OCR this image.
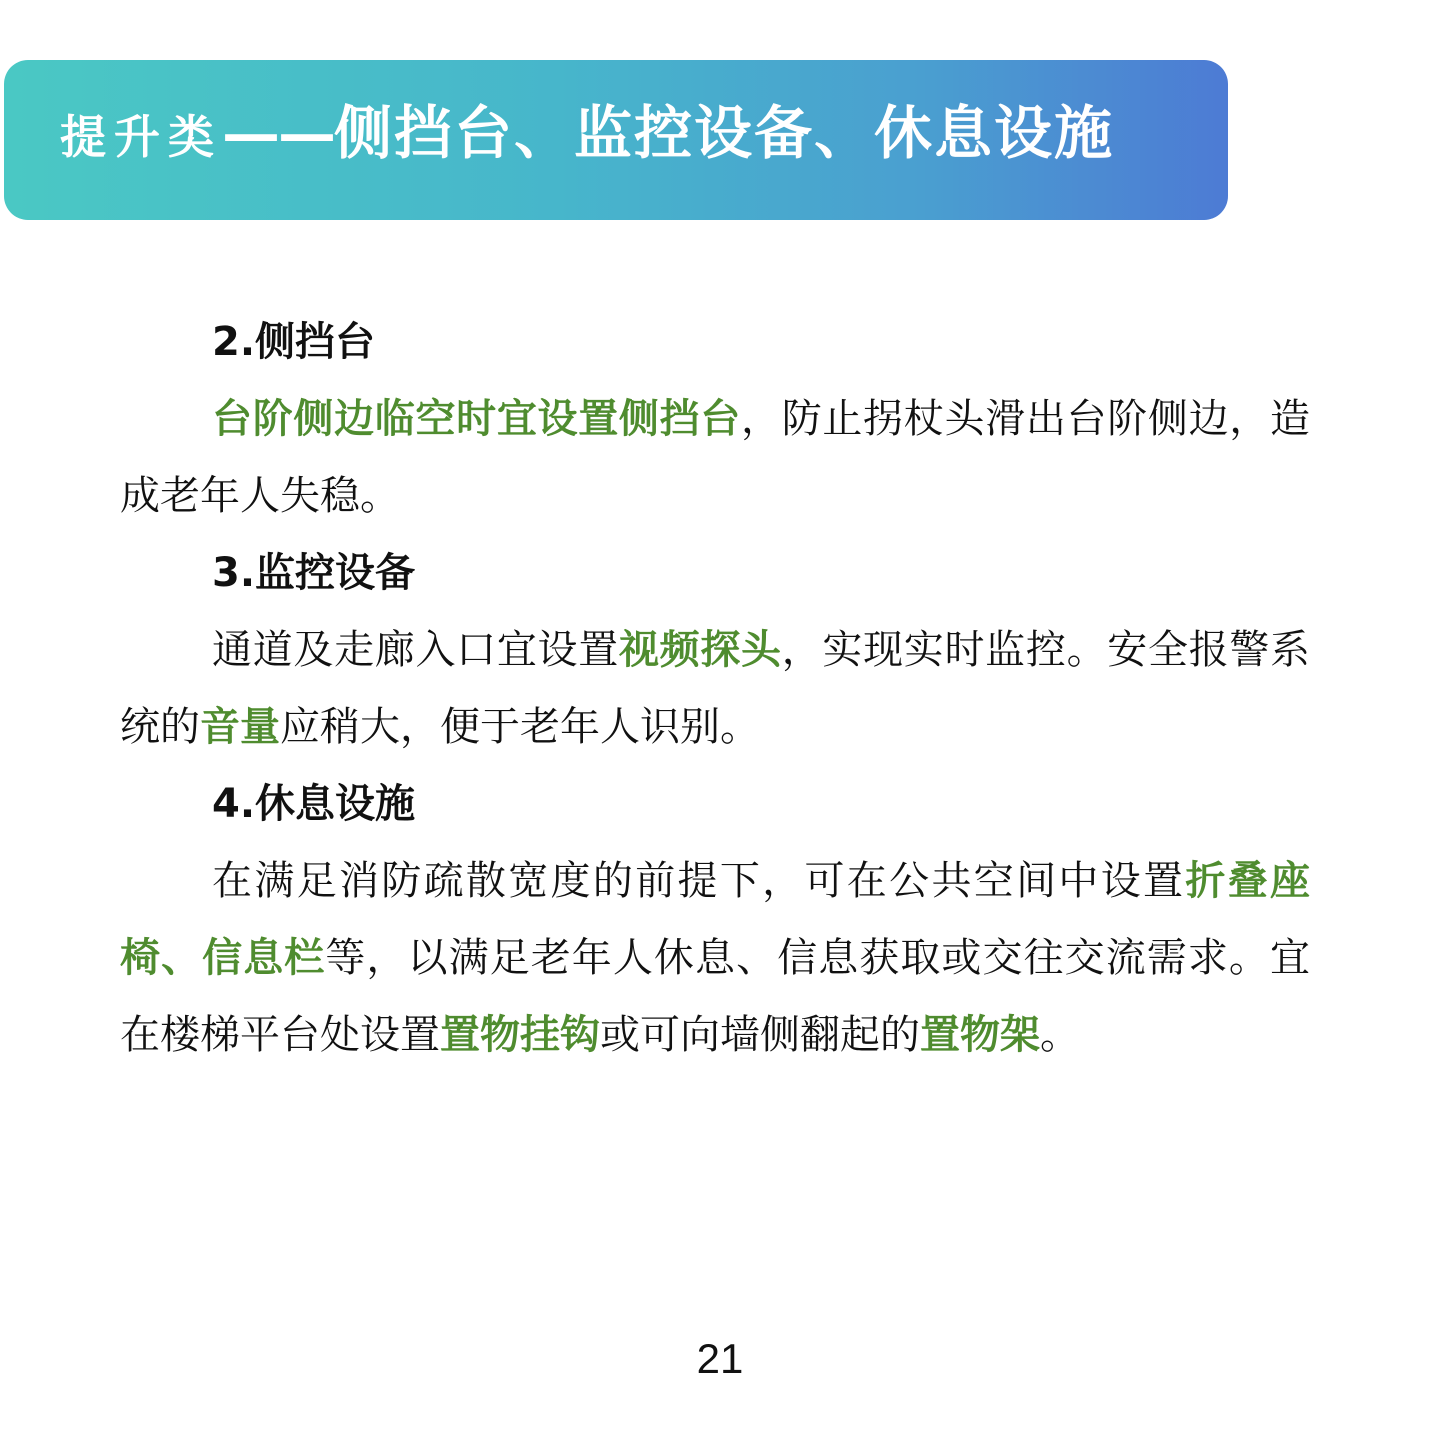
提升类——侧挡台、监控设备、休息设施

2.侧挡台

台阶侧边临空时宜设置侧挡台，防止拐杖头滑出台阶侧边，造成老年人失稳。

3.监控设备

通道及走廊入口宜设置视频探头，实现实时监控。安全报警系统的音量应稍大，便于老年人识别。

4.休息设施

在满足消防疏散宽度的前提下，可在公共空间中设置折叠座椅、信息栏等，以满足老年人休息、信息获取或交往交流需求。宜在楼梯平台处设置置物挂钩或可向墙侧翻起的置物架。

21
